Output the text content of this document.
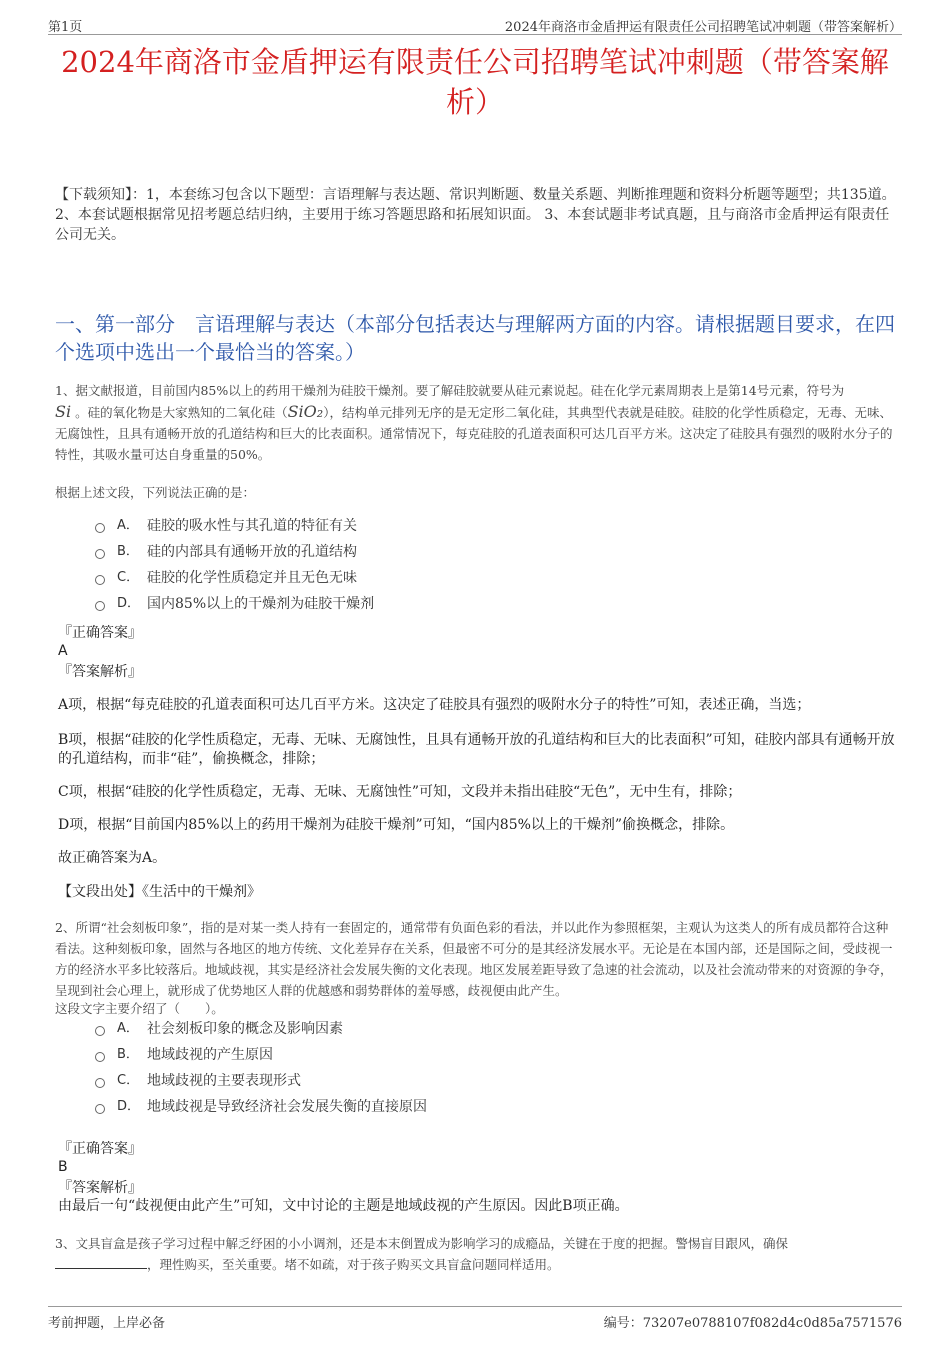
第1页	2024年商洛市金盾押运有限责任公司招聘笔试冲刺题（带答案解析）
2024年商洛市金盾押运有限责任公司招聘笔试冲刺题（带答案解析）
【下载须知】：1，本套练习包含以下题型：言语理解与表达题、常识判断题、数量关系题、判断推理题和资料分析题等题型；共135道。 2、本套试题根据常见招考题总结归纳，主要用于练习答题思路和拓展知识面。 3、本套试题非考试真题，且与商洛市金盾押运有限责任公司无关。
一、第一部分　言语理解与表达（本部分包括表达与理解两方面的内容。请根据题目要求，在四个选项中选出一个最恰当的答案。）
1、据文献报道，目前国内85%以上的药用干燥剂为硅胶干燥剂。要了解硅胶就要从硅元素说起。硅在化学元素周期表上是第14号元素，符号为
Si 。硅的氧化物是大家熟知的二氧化硅（SiO₂），结构单元排列无序的是无定形二氧化硅，其典型代表就是硅胶。硅胶的化学性质稳定，无毒、无味、无腐蚀性，且具有通畅开放的孔道结构和巨大的比表面积。通常情况下，每克硅胶的孔道表面积可达几百平方米。这决定了硅胶具有强烈的吸附水分子的特性，其吸水量可达自身重量的50%。
根据上述文段，下列说法正确的是：
A． 硅胶的吸水性与其孔道的特征有关
B． 硅的内部具有通畅开放的孔道结构
C． 硅胶的化学性质稳定并且无色无味
D． 国内85%以上的干燥剂为硅胶干燥剂
『正确答案』
A
『答案解析』
A项，根据“每克硅胶的孔道表面积可达几百平方米。这决定了硅胶具有强烈的吸附水分子的特性”可知，表述正确，当选；
B项，根据“硅胶的化学性质稳定，无毒、无味、无腐蚀性，且具有通畅开放的孔道结构和巨大的比表面积”可知，硅胶内部具有通畅开放的孔道结构，而非“硅”，偷换概念，排除；
C项，根据“硅胶的化学性质稳定，无毒、无味、无腐蚀性”可知，文段并未指出硅胶“无色”，无中生有，排除；
D项，根据“目前国内85%以上的药用干燥剂为硅胶干燥剂”可知，“国内85%以上的干燥剂”偷换概念，排除。
故正确答案为A。
【文段出处】《生活中的干燥剂》
2、所谓“社会刻板印象”，指的是对某一类人持有一套固定的，通常带有负面色彩的看法，并以此作为参照框架，主观认为这类人的所有成员都符合这种看法。这种刻板印象，固然与各地区的地方传统、文化差异存在关系，但最密不可分的是其经济发展水平。无论是在本国内部，还是国际之间，受歧视一方的经济水平多比较落后。地域歧视，其实是经济社会发展失衡的文化表现。地区发展差距导致了急速的社会流动，以及社会流动带来的对资源的争夺，呈现到社会心理上，就形成了优势地区人群的优越感和弱势群体的羞辱感，歧视便由此产生。
这段文字主要介绍了（　　）。
A． 社会刻板印象的概念及影响因素
B． 地域歧视的产生原因
C． 地域歧视的主要表现形式
D． 地域歧视是导致经济社会发展失衡的直接原因
『正确答案』
B
『答案解析』
由最后一句“歧视便由此产生”可知，文中讨论的主题是地域歧视的产生原因。因此B项正确。
3、文具盲盒是孩子学习过程中解乏纾困的小小调剂，还是本末倒置成为影响学习的成瘾品，关键在于度的把握。警惕盲目跟风，确保
，理性购买，至关重要。堵不如疏，对于孩子购买文具盲盒问题同样适用。
考前押题，上岸必备	编号：73207e0788107f082d4c0d85a7571576
